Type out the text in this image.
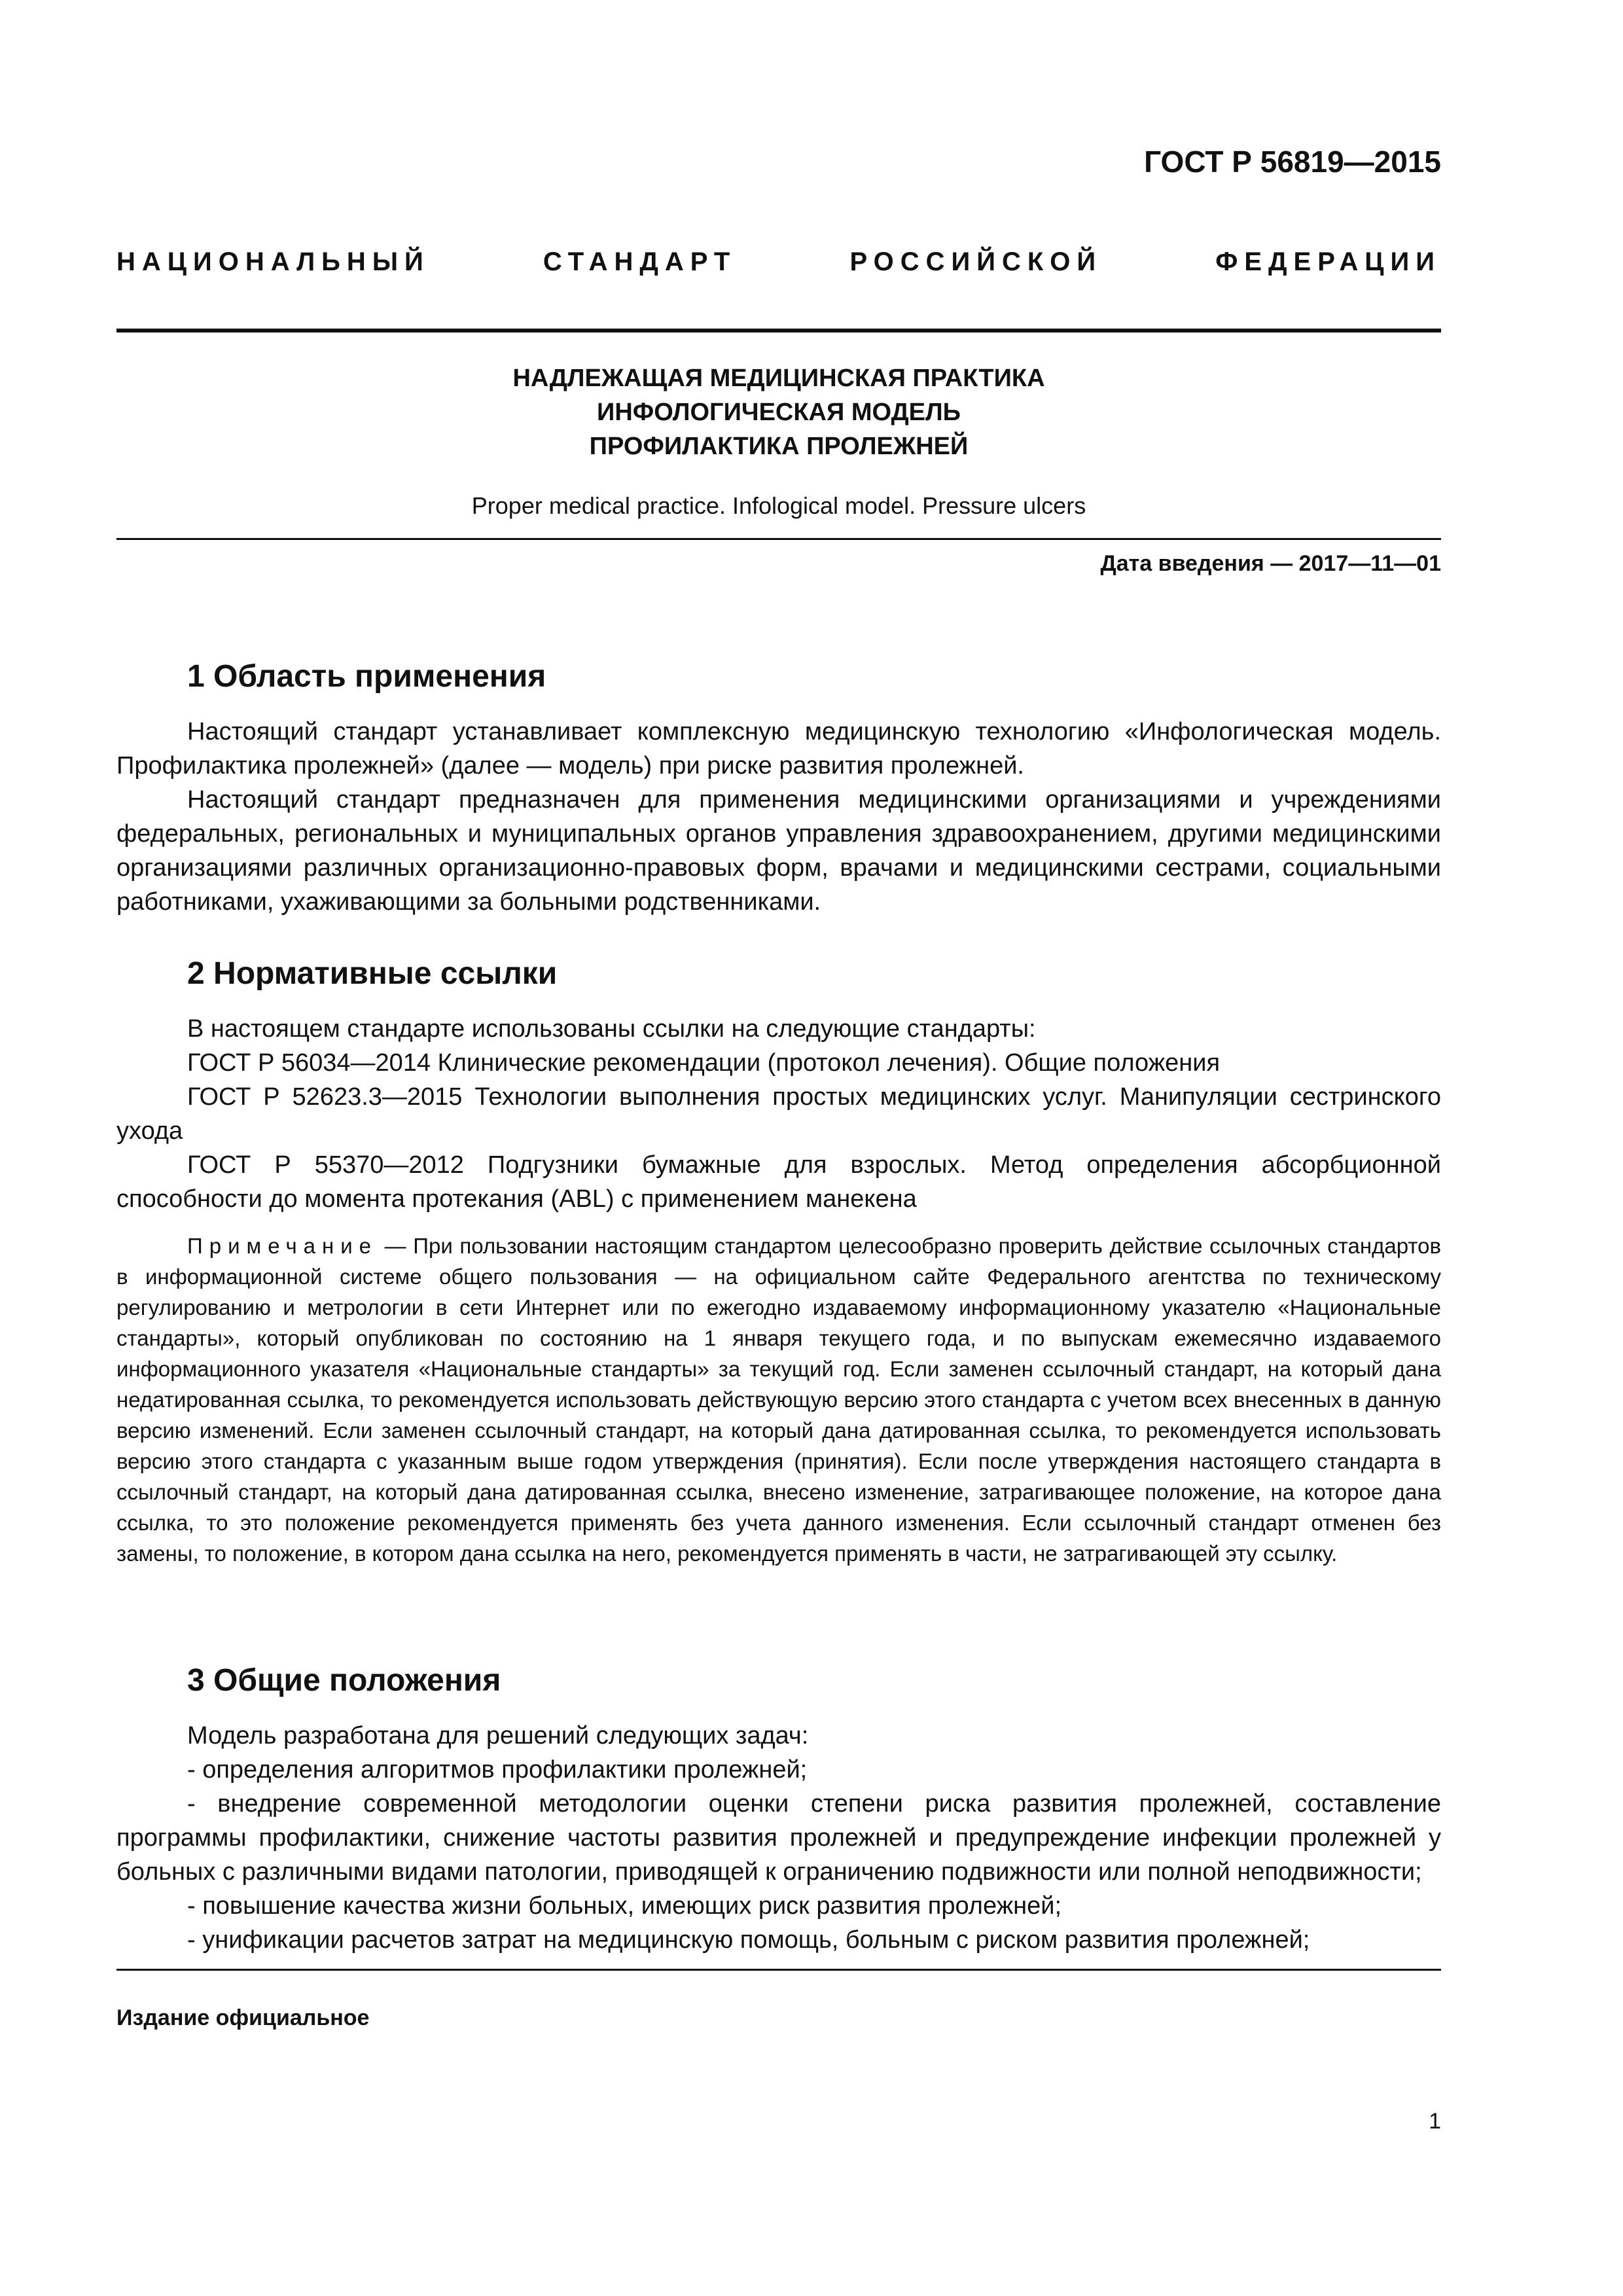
ГОСТ Р 56819—2015
НАЦИОНАЛЬНЫЙ	СТАНДАРТ	РОССИЙСКОЙ	ФЕДЕРАЦИИ
НАДЛЕЖАЩАЯ МЕДИЦИНСКАЯ ПРАКТИКА
ИНФОЛОГИЧЕСКАЯ МОДЕЛЬ
ПРОФИЛАКТИКА ПРОЛЕЖНЕЙ
Proper medical practice. Infological model. Pressure ulcers
Дата введения — 2017—11—01
1 Область применения

Настоящий стандарт устанавливает комплексную медицинскую технологию «Инфологическая модель. Профилактика пролежней» (далее — модель) при риске развития пролежней.

Настоящий стандарт предназначен для применения медицинскими организациями и учреждениями федеральных, региональных и муниципальных органов управления здравоохранением, другими медицинскими организациями различных организационно-правовых форм, врачами и медицинскими сестрами, социальными работниками, ухаживающими за больными родственниками.

2 Нормативные ссылки

В настоящем стандарте использованы ссылки на следующие стандарты:

ГОСТ Р 56034—2014 Клинические рекомендации (протокол лечения). Общие положения

ГОСТ Р 52623.3—2015 Технологии выполнения простых медицинских услуг. Манипуляции сестринского ухода

ГОСТ Р 55370—2012 Подгузники бумажные для взрослых. Метод определения абсорбционной способности до момента протекания (ABL) с применением манекена

Примечание — При пользовании настоящим стандартом целесообразно проверить действие ссылочных стандартов в информационной системе общего пользования — на официальном сайте Федерального агентства по техническому регулированию и метрологии в сети Интернет или по ежегодно издаваемому информационному указателю «Национальные стандарты», который опубликован по состоянию на 1 января текущего года, и по выпускам ежемесячно издаваемого информационного указателя «Национальные стандарты» за текущий год. Если заменен ссылочный стандарт, на который дана недатированная ссылка, то рекомендуется использовать действующую версию этого стандарта с учетом всех внесенных в данную версию изменений. Если заменен ссылочный стандарт, на который дана датированная ссылка, то рекомендуется использовать версию этого стандарта с указанным выше годом утверждения (принятия). Если после утверждения настоящего стандарта в ссылочный стандарт, на который дана датированная ссылка, внесено изменение, затрагивающее положение, на которое дана ссылка, то это положение рекомендуется применять без учета данного изменения. Если ссылочный стандарт отменен без замены, то положение, в котором дана ссылка на него, рекомендуется применять в части, не затрагивающей эту ссылку.

3 Общие положения

Модель разработана для решений следующих задач:

- определения алгоритмов профилактики пролежней;

- внедрение современной методологии оценки степени риска развития пролежней, составление программы профилактики, снижение частоты развития пролежней и предупреждение инфекции пролежней у больных с различными видами патологии, приводящей к ограничению подвижности или полной неподвижности;

- повышение качества жизни больных, имеющих риск развития пролежней;

- унификации расчетов затрат на медицинскую помощь, больным с риском развития пролежней;

Издание официальное
1
